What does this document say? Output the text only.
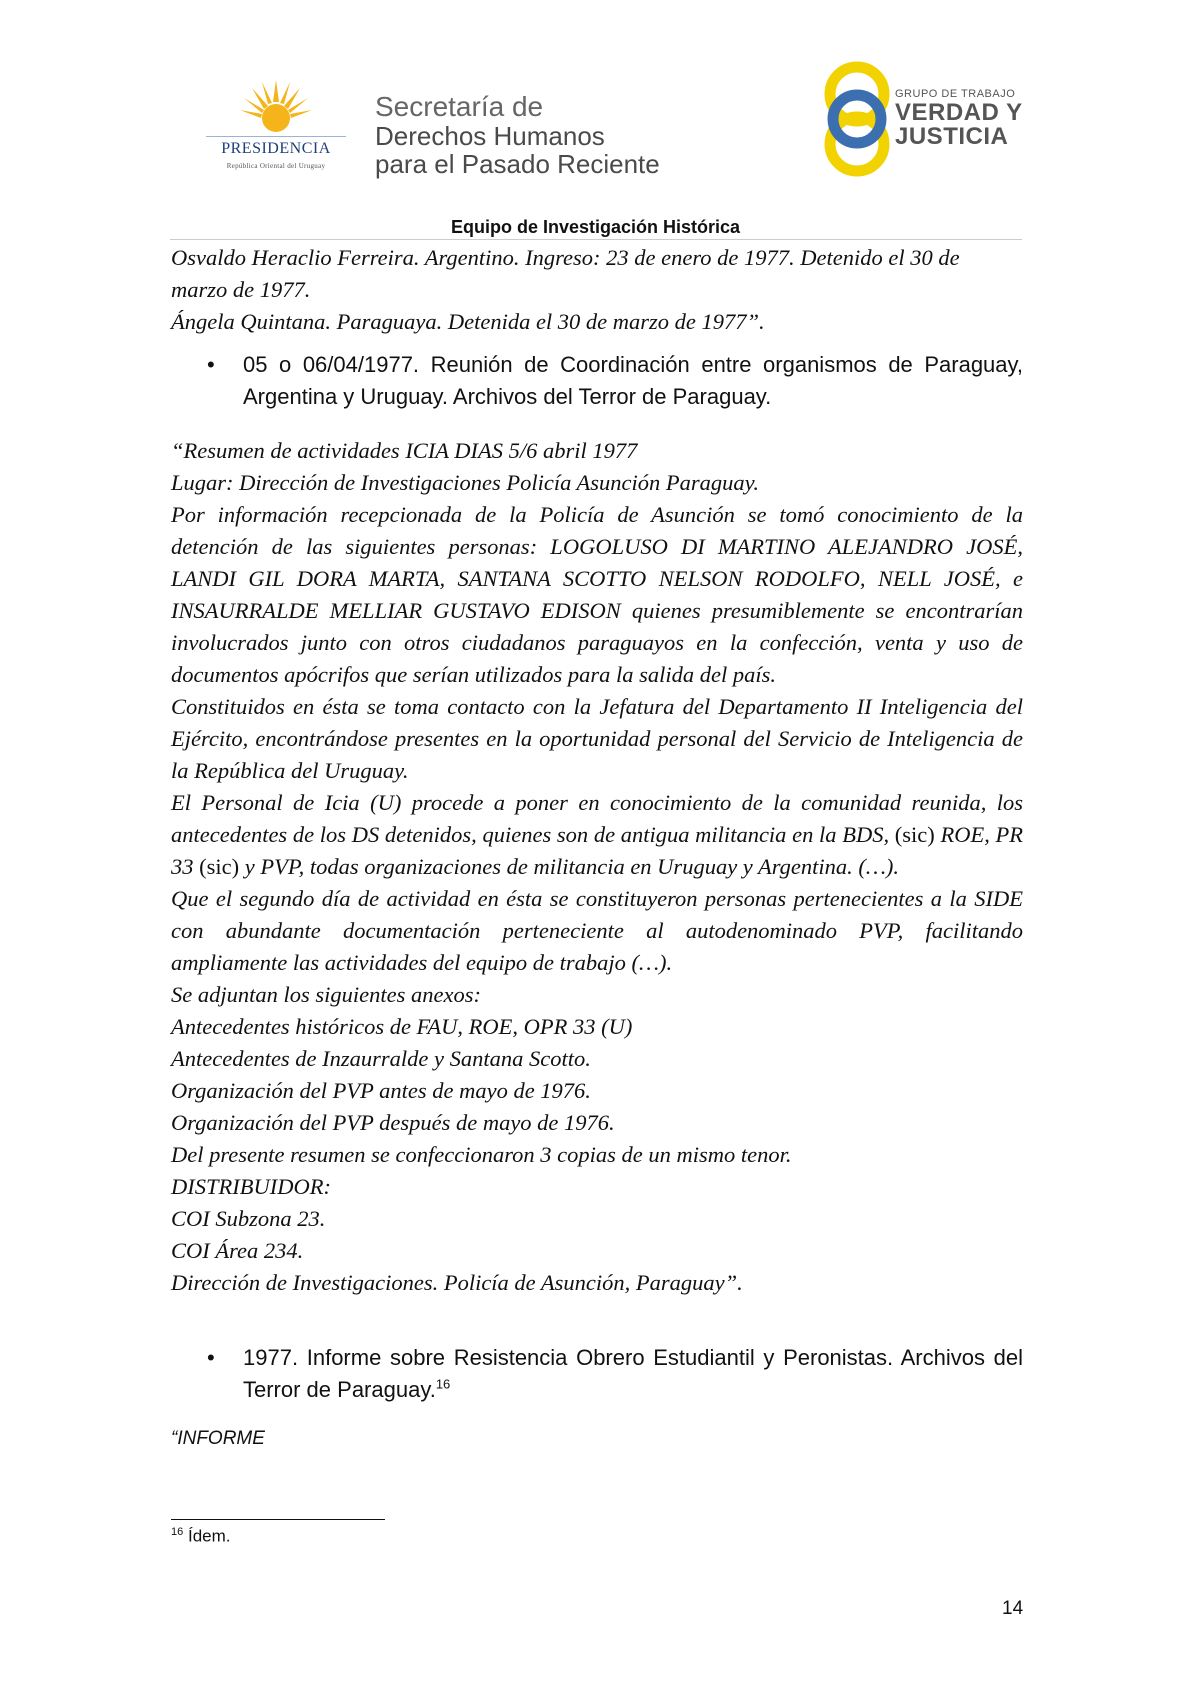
PRESIDENCIA
República Oriental del Uruguay
Secretaría de
Derechos Humanos
para el Pasado Reciente
GRUPO DE TRABAJO
VERDAD Y
JUSTICIA
Equipo de Investigación Histórica

Osvaldo Heraclio Ferreira. Argentino. Ingreso: 23 de enero de 1977. Detenido el 30 de

marzo de 1977.

Ángela Quintana. Paraguaya. Detenida el 30 de marzo de 1977”.

• 05 o 06/04/1977. Reunión de Coordinación entre organismos de Paraguay, Argentina y Uruguay. Archivos del Terror de Paraguay.

“Resumen de actividades ICIA DIAS 5/6 abril 1977

Lugar: Dirección de Investigaciones Policía Asunción Paraguay.

Por información recepcionada de la Policía de Asunción se tomó conocimiento de la detención de las siguientes personas: LOGOLUSO DI MARTINO ALEJANDRO JOSÉ, LANDI GIL DORA MARTA, SANTANA SCOTTO NELSON RODOLFO, NELL JOSÉ, e INSAURRALDE MELLIAR GUSTAVO EDISON quienes presumiblemente se encontrarían involucrados junto con otros ciudadanos paraguayos en la confección, venta y uso de documentos apócrifos que serían utilizados para la salida del país.

Constituidos en ésta se toma contacto con la Jefatura del Departamento II Inteligencia del Ejército, encontrándose presentes en la oportunidad personal del Servicio de Inteligencia de la República del Uruguay.

El Personal de Icia (U) procede a poner en conocimiento de la comunidad reunida, los antecedentes de los DS detenidos, quienes son de antigua militancia en la BDS, (sic) ROE, PR 33 (sic) y PVP, todas organizaciones de militancia en Uruguay y Argentina. (…).

Que el segundo día de actividad en ésta se constituyeron personas pertenecientes a la SIDE con abundante documentación perteneciente al autodenominado PVP, facilitando ampliamente las actividades del equipo de trabajo (…).

Se adjuntan los siguientes anexos:

Antecedentes históricos de FAU, ROE, OPR 33 (U)

Antecedentes de Inzaurralde y Santana Scotto.

Organización del PVP antes de mayo de 1976.

Organización del PVP después de mayo de 1976.

Del presente resumen se confeccionaron 3 copias de un mismo tenor.

DISTRIBUIDOR:

COI Subzona 23.

COI Área 234.

Dirección de Investigaciones. Policía de Asunción, Paraguay”.

• 1977. Informe sobre Resistencia Obrero Estudiantil y Peronistas. Archivos del Terror de Paraguay.$^{16}$
“INFORME
$^{16}$ Ídem.
14
